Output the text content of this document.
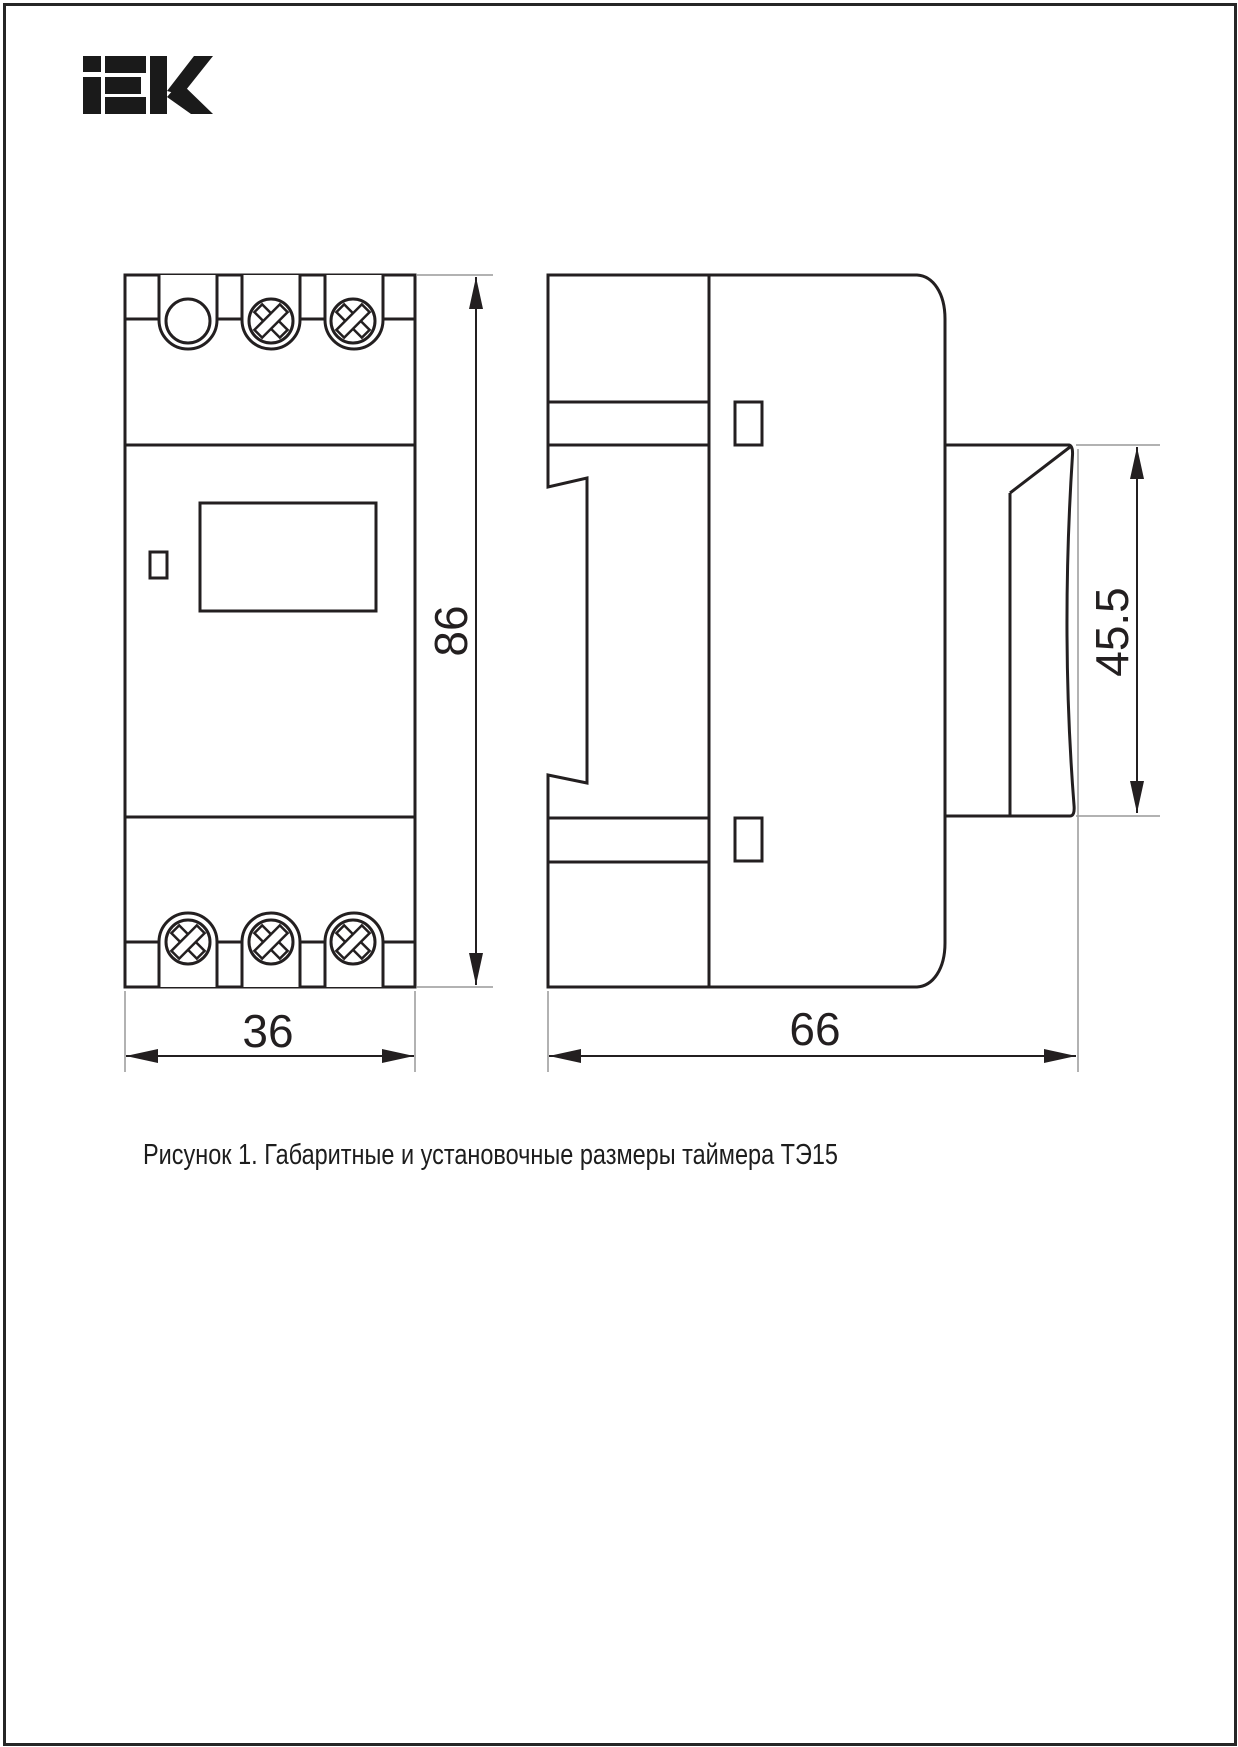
86
36	66
45.5
Рисунок 1. Габаритные и установочные размеры таймера ТЭ15
